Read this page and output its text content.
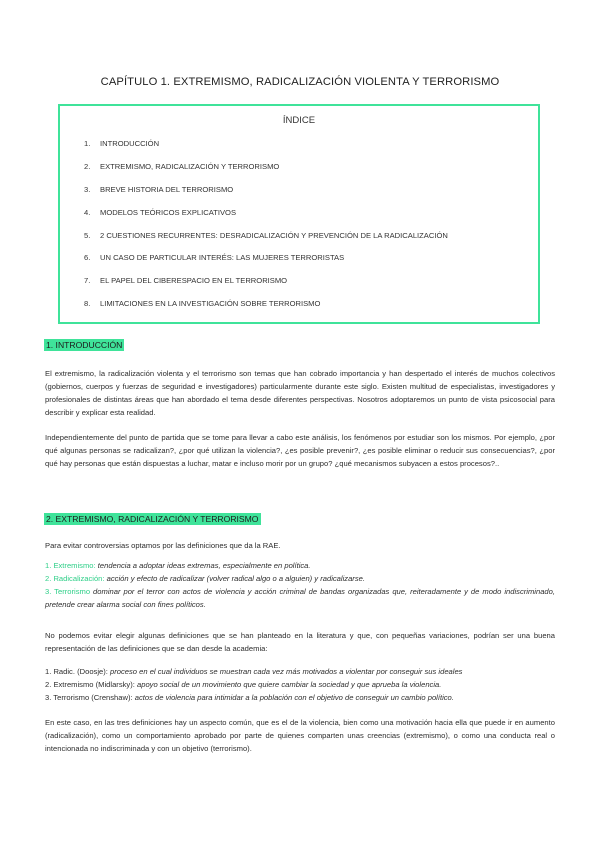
CAPÍTULO 1. EXTREMISMO, RADICALIZACIÓN VIOLENTA Y TERRORISMO
ÍNDICE
1.	INTRODUCCIÓN
2.	EXTREMISMO, RADICALIZACIÓN Y TERRORISMO
3.	BREVE HISTORIA DEL TERRORISMO
4.	MODELOS TEÓRICOS EXPLICATIVOS
5.	2 CUESTIONES RECURRENTES: DESRADICALIZACIÓN Y PREVENCIÓN DE LA RADICALIZACIÓN
6.	UN CASO DE PARTICULAR INTERÉS: LAS MUJERES TERRORISTAS
7.	EL PAPEL DEL CIBERESPACIO EN EL TERRORISMO
8.	LIMITACIONES EN LA INVESTIGACIÓN SOBRE TERRORISMO
1. INTRODUCCIÓN

El extremismo, la radicalización violenta y el terrorismo son temas que han cobrado importancia y han despertado el interés de muchos colectivos (gobiernos, cuerpos y fuerzas de seguridad e investigadores) particularmente durante este siglo. Existen multitud de especialistas, investigadores y profesionales de distintas áreas que han abordado el tema desde diferentes perspectivas. Nosotros adoptaremos un punto de vista psicosocial para describir y explicar esta realidad.

Independientemente del punto de partida que se tome para llevar a cabo este análisis, los fenómenos por estudiar son los mismos. Por ejemplo, ¿por qué algunas personas se radicalizan?, ¿por qué utilizan la violencia?, ¿es posible prevenir?, ¿es posible eliminar o reducir sus consecuencias?, ¿por qué hay personas que están dispuestas a luchar, matar e incluso morir por un grupo? ¿qué mecanismos subyacen a estos procesos?..

2. EXTREMISMO, RADICALIZACIÓN Y TERRORISMO

Para evitar controversias optamos por las definiciones que da la RAE.

1. Extremismo: tendencia a adoptar ideas extremas, especialmente en política.
2. Radicalización: acción y efecto de radicalizar (volver radical algo o a alguien) y radicalizarse.
3. Terrorismo dominar por el terror con actos de violencia y acción criminal de bandas organizadas que, reiteradamente y de modo indiscriminado, pretende crear alarma social con fines políticos.

No podemos evitar elegir algunas definiciones que se han planteado en la literatura y que, con pequeñas variaciones, podrían ser una buena representación de las definiciones que se dan desde la academia:

1. Radic. (Doosje): proceso en el cual individuos se muestran cada vez más motivados a violentar por conseguir sus ideales
2. Extremismo (Midlarsky): apoyo social de un movimiento que quiere cambiar la sociedad y que aprueba la violencia.
3. Terrorismo (Crenshaw): actos de violencia para intimidar a la población con el objetivo de conseguir un cambio político.

En este caso, en las tres definiciones hay un aspecto común, que es el de la violencia, bien como una motivación hacia ella que puede ir en aumento (radicalización), como un comportamiento aprobado por parte de quienes comparten unas creencias (extremismo), o como una conducta real o intencionada no indiscriminada y con un objetivo (terrorismo).
